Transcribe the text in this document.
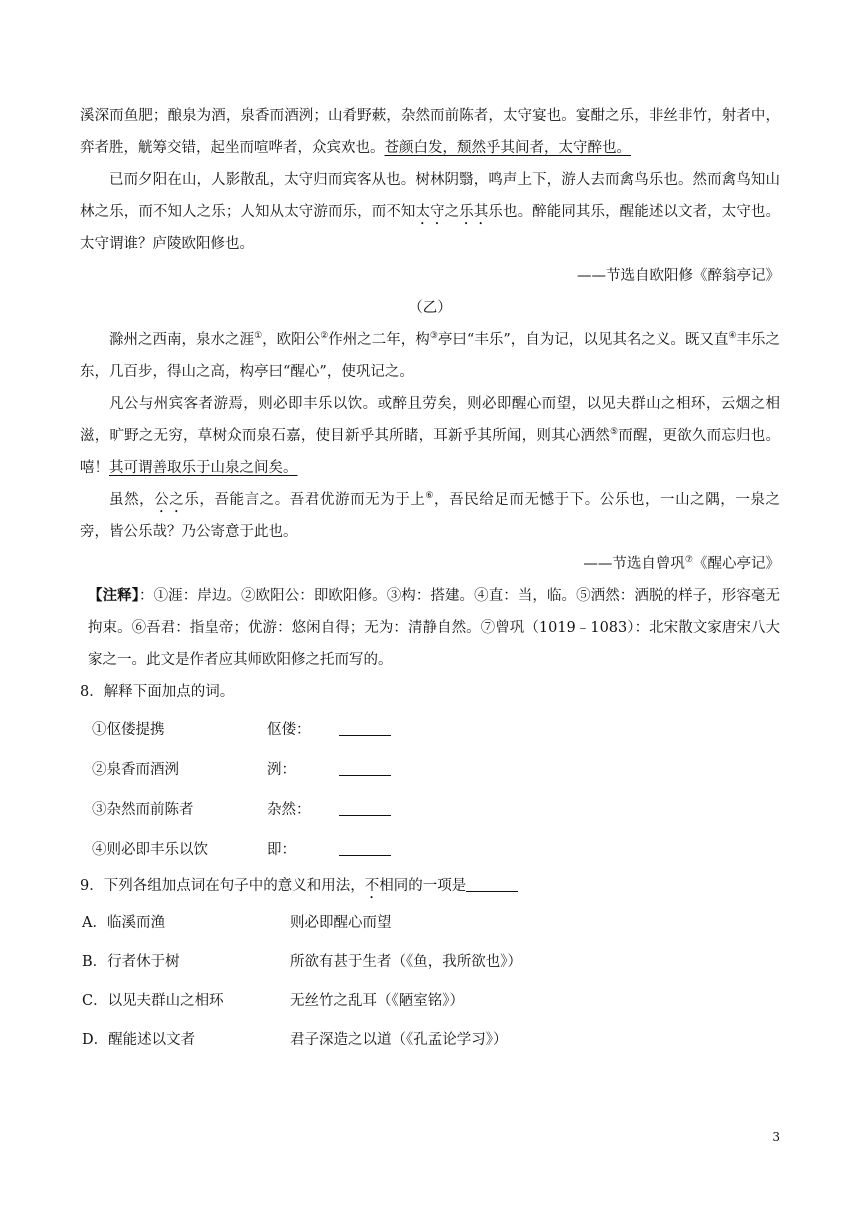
溪深而鱼肥；酿泉为酒，泉香而酒洌；山肴野蔌，杂然而前陈者，太守宴也。宴酣之乐，非丝非竹，射者中，弈者胜，觥筹交错，起坐而喧哗者，众宾欢也。苍颜白发，颓然乎其间者，太守醉也。

已而夕阳在山，人影散乱，太守归而宾客从也。树林阴翳，鸣声上下，游人去而禽鸟乐也。然而禽鸟知山林之乐，而不知人之乐；人知从太守游而乐，而不知太守之乐其乐也。醉能同其乐，醒能述以文者，太守也。太守谓谁？庐陵欧阳修也。

——节选自欧阳修《醉翁亭记》

（乙）

滁州之西南，泉水之涯①，欧阳公②作州之二年，构③亭曰“丰乐”，自为记，以见其名之义。既又直④丰乐之东，几百步，得山之高，构亭曰“醒心”，使巩记之。

凡公与州宾客者游焉，则必即丰乐以饮。或醉且劳矣，则必即醒心而望，以见夫群山之相环，云烟之相滋，旷野之无穷，草树众而泉石嘉，使目新乎其所睹，耳新乎其所闻，则其心洒然⑤而醒，更欲久而忘归也。嘻！其可谓善取乐于山泉之间矣。

虽然，公之乐，吾能言之。吾君优游而无为于上⑥，吾民给足而无憾于下。公乐也，一山之隅，一泉之旁，皆公乐哉？乃公寄意于此也。

——节选自曾巩⑦《醒心亭记》

【注释】：①涯：岸边。②欧阳公：即欧阳修。③构：搭建。④直：当，临。⑤洒然：洒脱的样子，形容毫无拘束。⑥吾君：指皇帝；优游：悠闲自得；无为：清静自然。⑦曾巩（1019﹣1083）：北宋散文家唐宋八大家之一。此文是作者应其师欧阳修之托而写的。

8．解释下面加点的词。

①伛偻提携	伛偻：
②泉香而酒洌	洌：
③杂然而前陈者	杂然：
④则必即丰乐以饮	即：

9．下列各组加点词在句子中的意义和用法，不相同的一项是

A．临溪而渔	则必即醒心而望
B．行者休于树	所欲有甚于生者（《鱼，我所欲也》）
C．以见夫群山之相环	无丝竹之乱耳（《陋室铭》）
D．醒能述以文者	君子深造之以道（《孔孟论学习》）
3
